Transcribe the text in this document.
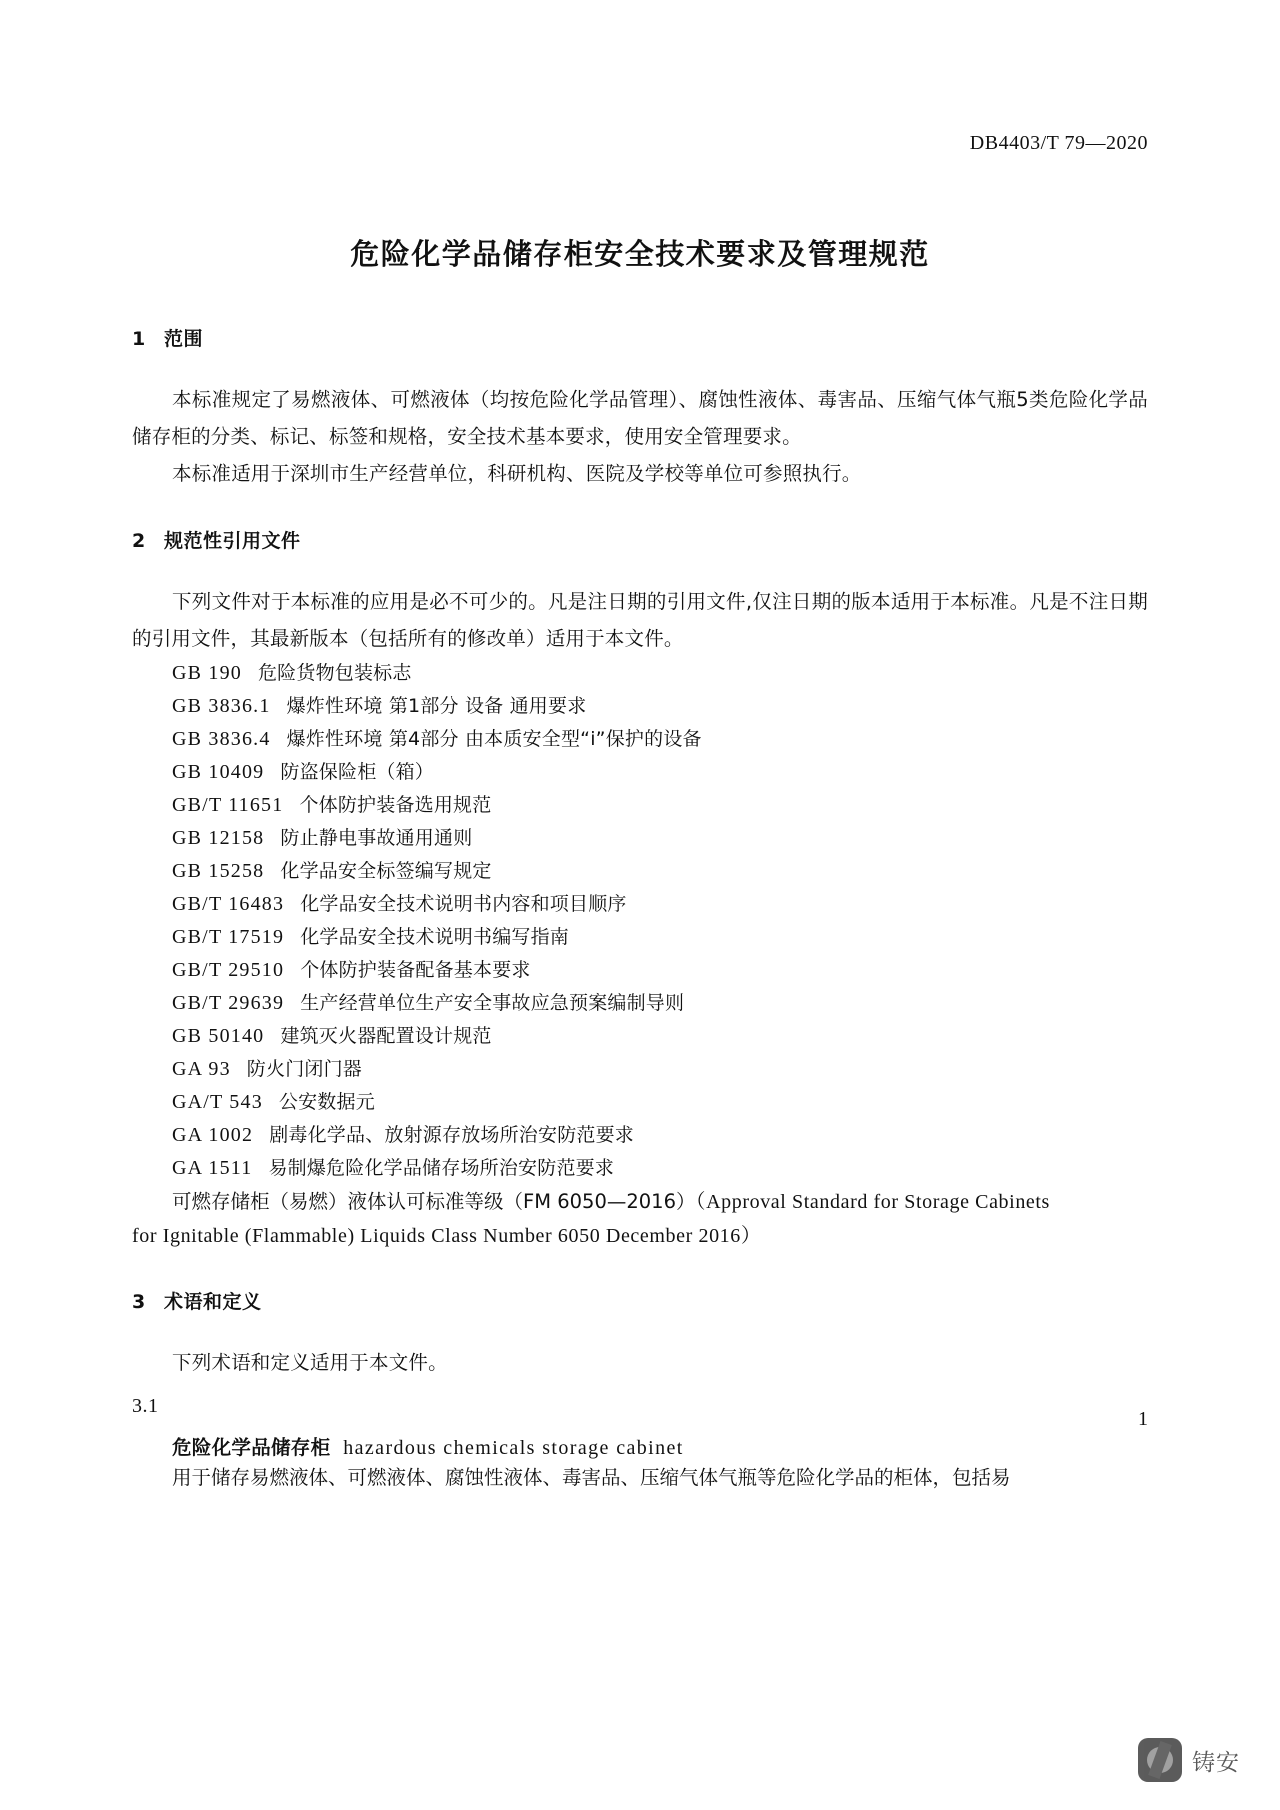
DB4403/T 79—2020
危险化学品储存柜安全技术要求及管理规范
1 范围

本标准规定了易燃液体、可燃液体（均按危险化学品管理）、腐蚀性液体、毒害品、压缩气体气瓶5类危险化学品储存柜的分类、标记、标签和规格，安全技术基本要求，使用安全管理要求。

本标准适用于深圳市生产经营单位，科研机构、医院及学校等单位可参照执行。

2 规范性引用文件

下列文件对于本标准的应用是必不可少的。凡是注日期的引用文件,仅注日期的版本适用于本标准。凡是不注日期的引用文件，其最新版本（包括所有的修改单）适用于本文件。

GB 190 危险货物包装标志
GB 3836.1 爆炸性环境 第1部分 设备 通用要求
GB 3836.4 爆炸性环境 第4部分 由本质安全型“i”保护的设备
GB 10409 防盗保险柜（箱）
GB/T 11651 个体防护装备选用规范
GB 12158 防止静电事故通用通则
GB 15258 化学品安全标签编写规定
GB/T 16483 化学品安全技术说明书内容和项目顺序
GB/T 17519 化学品安全技术说明书编写指南
GB/T 29510 个体防护装备配备基本要求
GB/T 29639 生产经营单位生产安全事故应急预案编制导则
GB 50140 建筑灭火器配置设计规范
GA 93 防火门闭门器
GA/T 543 公安数据元
GA 1002 剧毒化学品、放射源存放场所治安防范要求
GA 1511 易制爆危险化学品储存场所治安防范要求
可燃存储柜（易燃）液体认可标准等级（FM 6050—2016）（Approval Standard for Storage Cabinets
for Ignitable (Flammable) Liquids Class Number 6050 December 2016）
3 术语和定义

下列术语和定义适用于本文件。

3.1
危险化学品储存柜 hazardous chemicals storage cabinet
用于储存易燃液体、可燃液体、腐蚀性液体、毒害品、压缩气体气瓶等危险化学品的柜体，包括易
1
铸安
